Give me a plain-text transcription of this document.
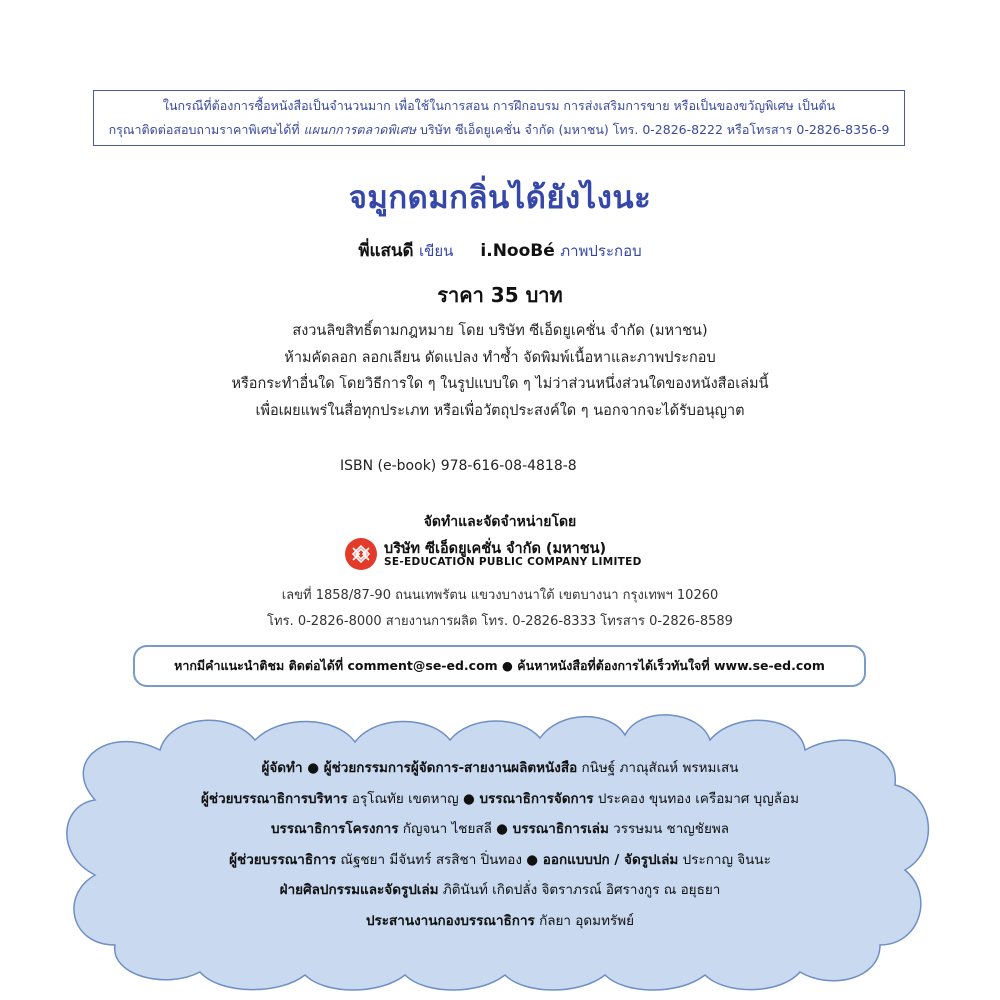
ในกรณีที่ต้องการซื้อหนังสือเป็นจำนวนมาก เพื่อใช้ในการสอน การฝึกอบรม การส่งเสริมการขาย หรือเป็นของขวัญพิเศษ เป็นต้น
กรุณาติดต่อสอบถามราคาพิเศษได้ที่ แผนกการตลาดพิเศษ บริษัท ซีเอ็ดยูเคชั่น จำกัด (มหาชน) โทร. 0-2826-8222 หรือโทรสาร 0-2826-8356-9
จมูกดมกลิ่นได้ยังไงนะ
พี่แสนดี เขียน i.NooBé ภาพประกอบ
ราคา 35 บาท
สงวนลิขสิทธิ์ตามกฎหมาย โดย บริษัท ซีเอ็ดยูเคชั่น จำกัด (มหาชน)
ห้ามคัดลอก ลอกเลียน ดัดแปลง ทำซ้ำ จัดพิมพ์เนื้อหาและภาพประกอบ
หรือกระทำอื่นใด โดยวิธีการใด ๆ ในรูปแบบใด ๆ ไม่ว่าส่วนหนึ่งส่วนใดของหนังสือเล่มนี้
เพื่อเผยแพร่ในสื่อทุกประเภท หรือเพื่อวัตถุประสงค์ใด ๆ นอกจากจะได้รับอนุญาต
ISBN (e-book) 978-616-08-4818-8
จัดทำและจัดจำหน่ายโดย
บริษัท ซีเอ็ดยูเคชั่น จำกัด (มหาชน)
SE-EDUCATION PUBLIC COMPANY LIMITED
เลขที่ 1858/87-90 ถนนเทพรัตน แขวงบางนาใต้ เขตบางนา กรุงเทพฯ 10260
โทร. 0-2826-8000 สายงานการผลิต โทร. 0-2826-8333 โทรสาร 0-2826-8589
หากมีคำแนะนำติชม ติดต่อได้ที่ comment@se-ed.com ● ค้นหาหนังสือที่ต้องการได้เร็วทันใจที่ www.se-ed.com
ผู้จัดทำ ● ผู้ช่วยกรรมการผู้จัดการ-สายงานผลิตหนังสือ กนิษฐ์ ภาณุสัณห์ พรหมเสน
ผู้ช่วยบรรณาธิการบริหาร อรุโณทัย เขตหาญ ● บรรณาธิการจัดการ ประคอง ขุนทอง เครือมาศ บุญล้อม
บรรณาธิการโครงการ กัญจนา ไชยสลี ● บรรณาธิการเล่ม วรรษมน ชาญชัยพล
ผู้ช่วยบรรณาธิการ ณัฐชยา มีจันทร์ สรสิชา ปิ่นทอง ● ออกแบบปก / จัดรูปเล่ม ประกาญ จินนะ
ฝ่ายศิลปกรรมและจัดรูปเล่ม ภิตินันท์ เกิดปลั่ง จิตราภรณ์ อิศรางกูร ณ อยุธยา
ประสานงานกองบรรณาธิการ กัลยา อุดมทรัพย์
